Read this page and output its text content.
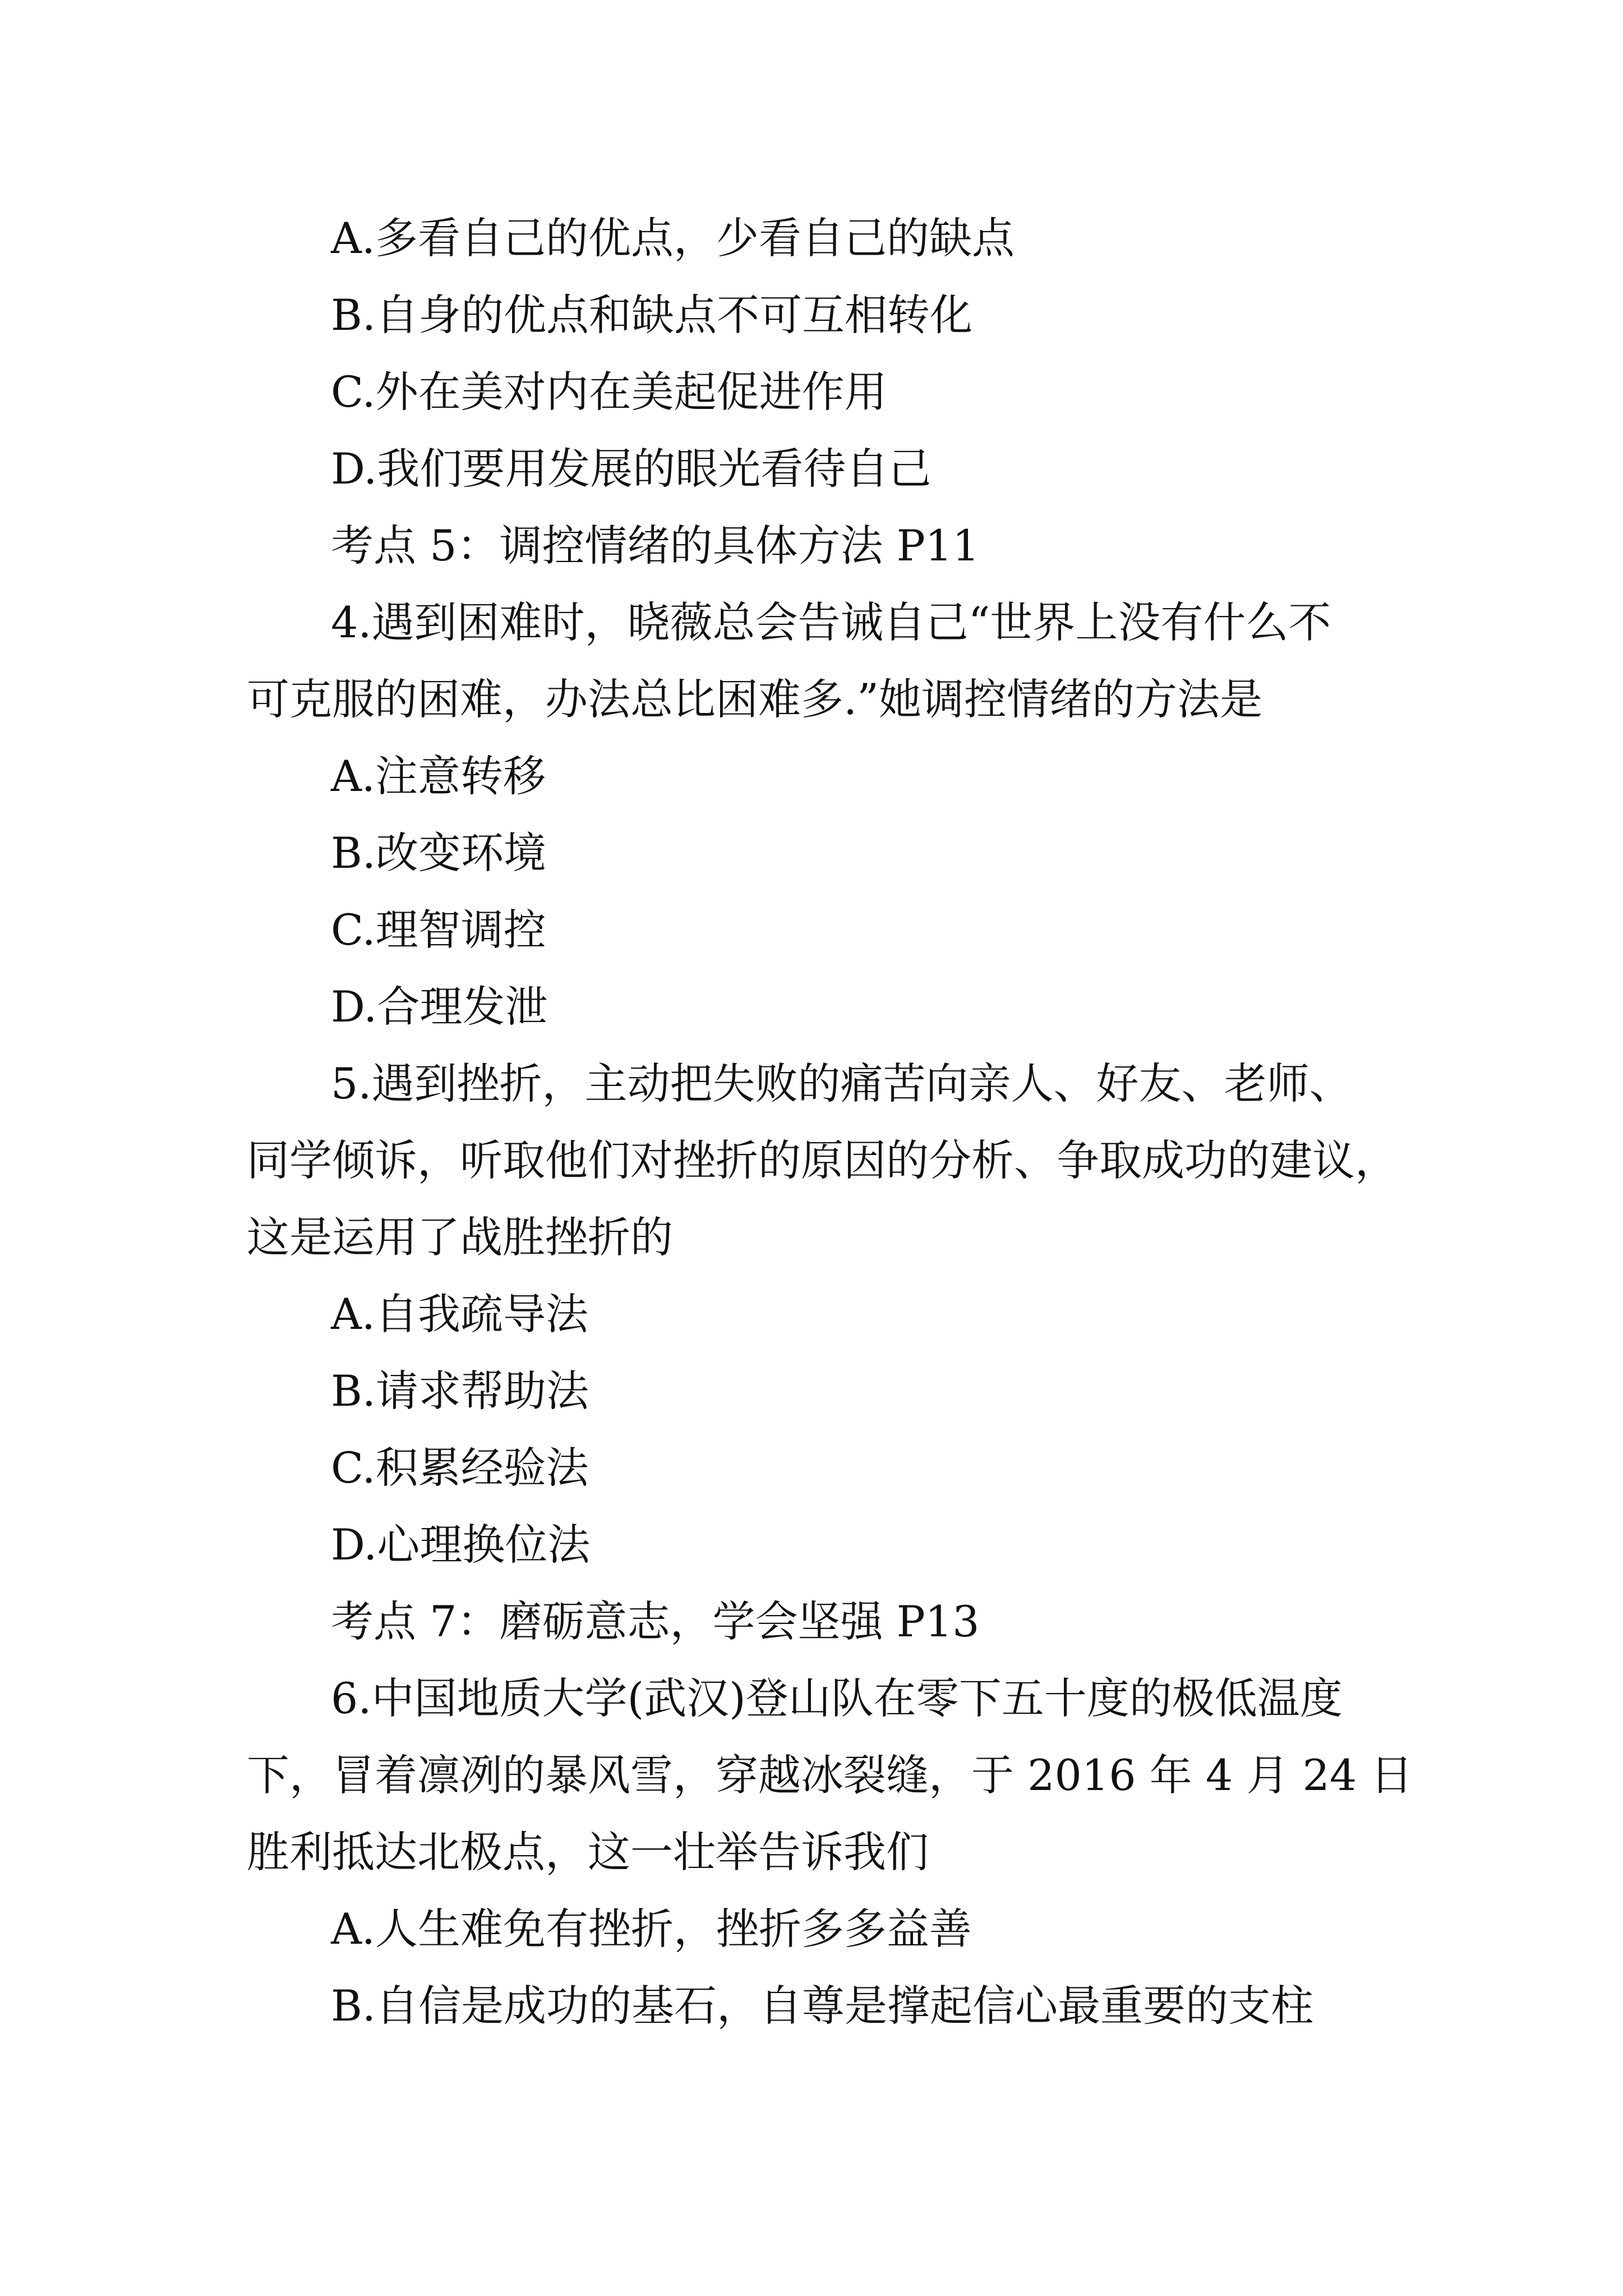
A.多看自己的优点，少看自己的缺点

B.自身的优点和缺点不可互相转化

C.外在美对内在美起促进作用

D.我们要用发展的眼光看待自己

考点 5：调控情绪的具体方法 P11

4.遇到困难时，晓薇总会告诫自己“世界上没有什么不

可克服的困难，办法总比困难多.”她调控情绪的方法是

A.注意转移

B.改变环境

C.理智调控

D.合理发泄

5.遇到挫折，主动把失败的痛苦向亲人、好友、老师、

同学倾诉，听取他们对挫折的原因的分析、争取成功的建议，

这是运用了战胜挫折的

A.自我疏导法

B.请求帮助法

C.积累经验法

D.心理换位法

考点 7：磨砺意志，学会坚强 P13

6.中国地质大学(武汉)登山队在零下五十度的极低温度

下，冒着凛冽的暴风雪，穿越冰裂缝，于 2016 年 4 月 24 日

胜利抵达北极点，这一壮举告诉我们

A.人生难免有挫折，挫折多多益善

B.自信是成功的基石，自尊是撑起信心最重要的支柱
